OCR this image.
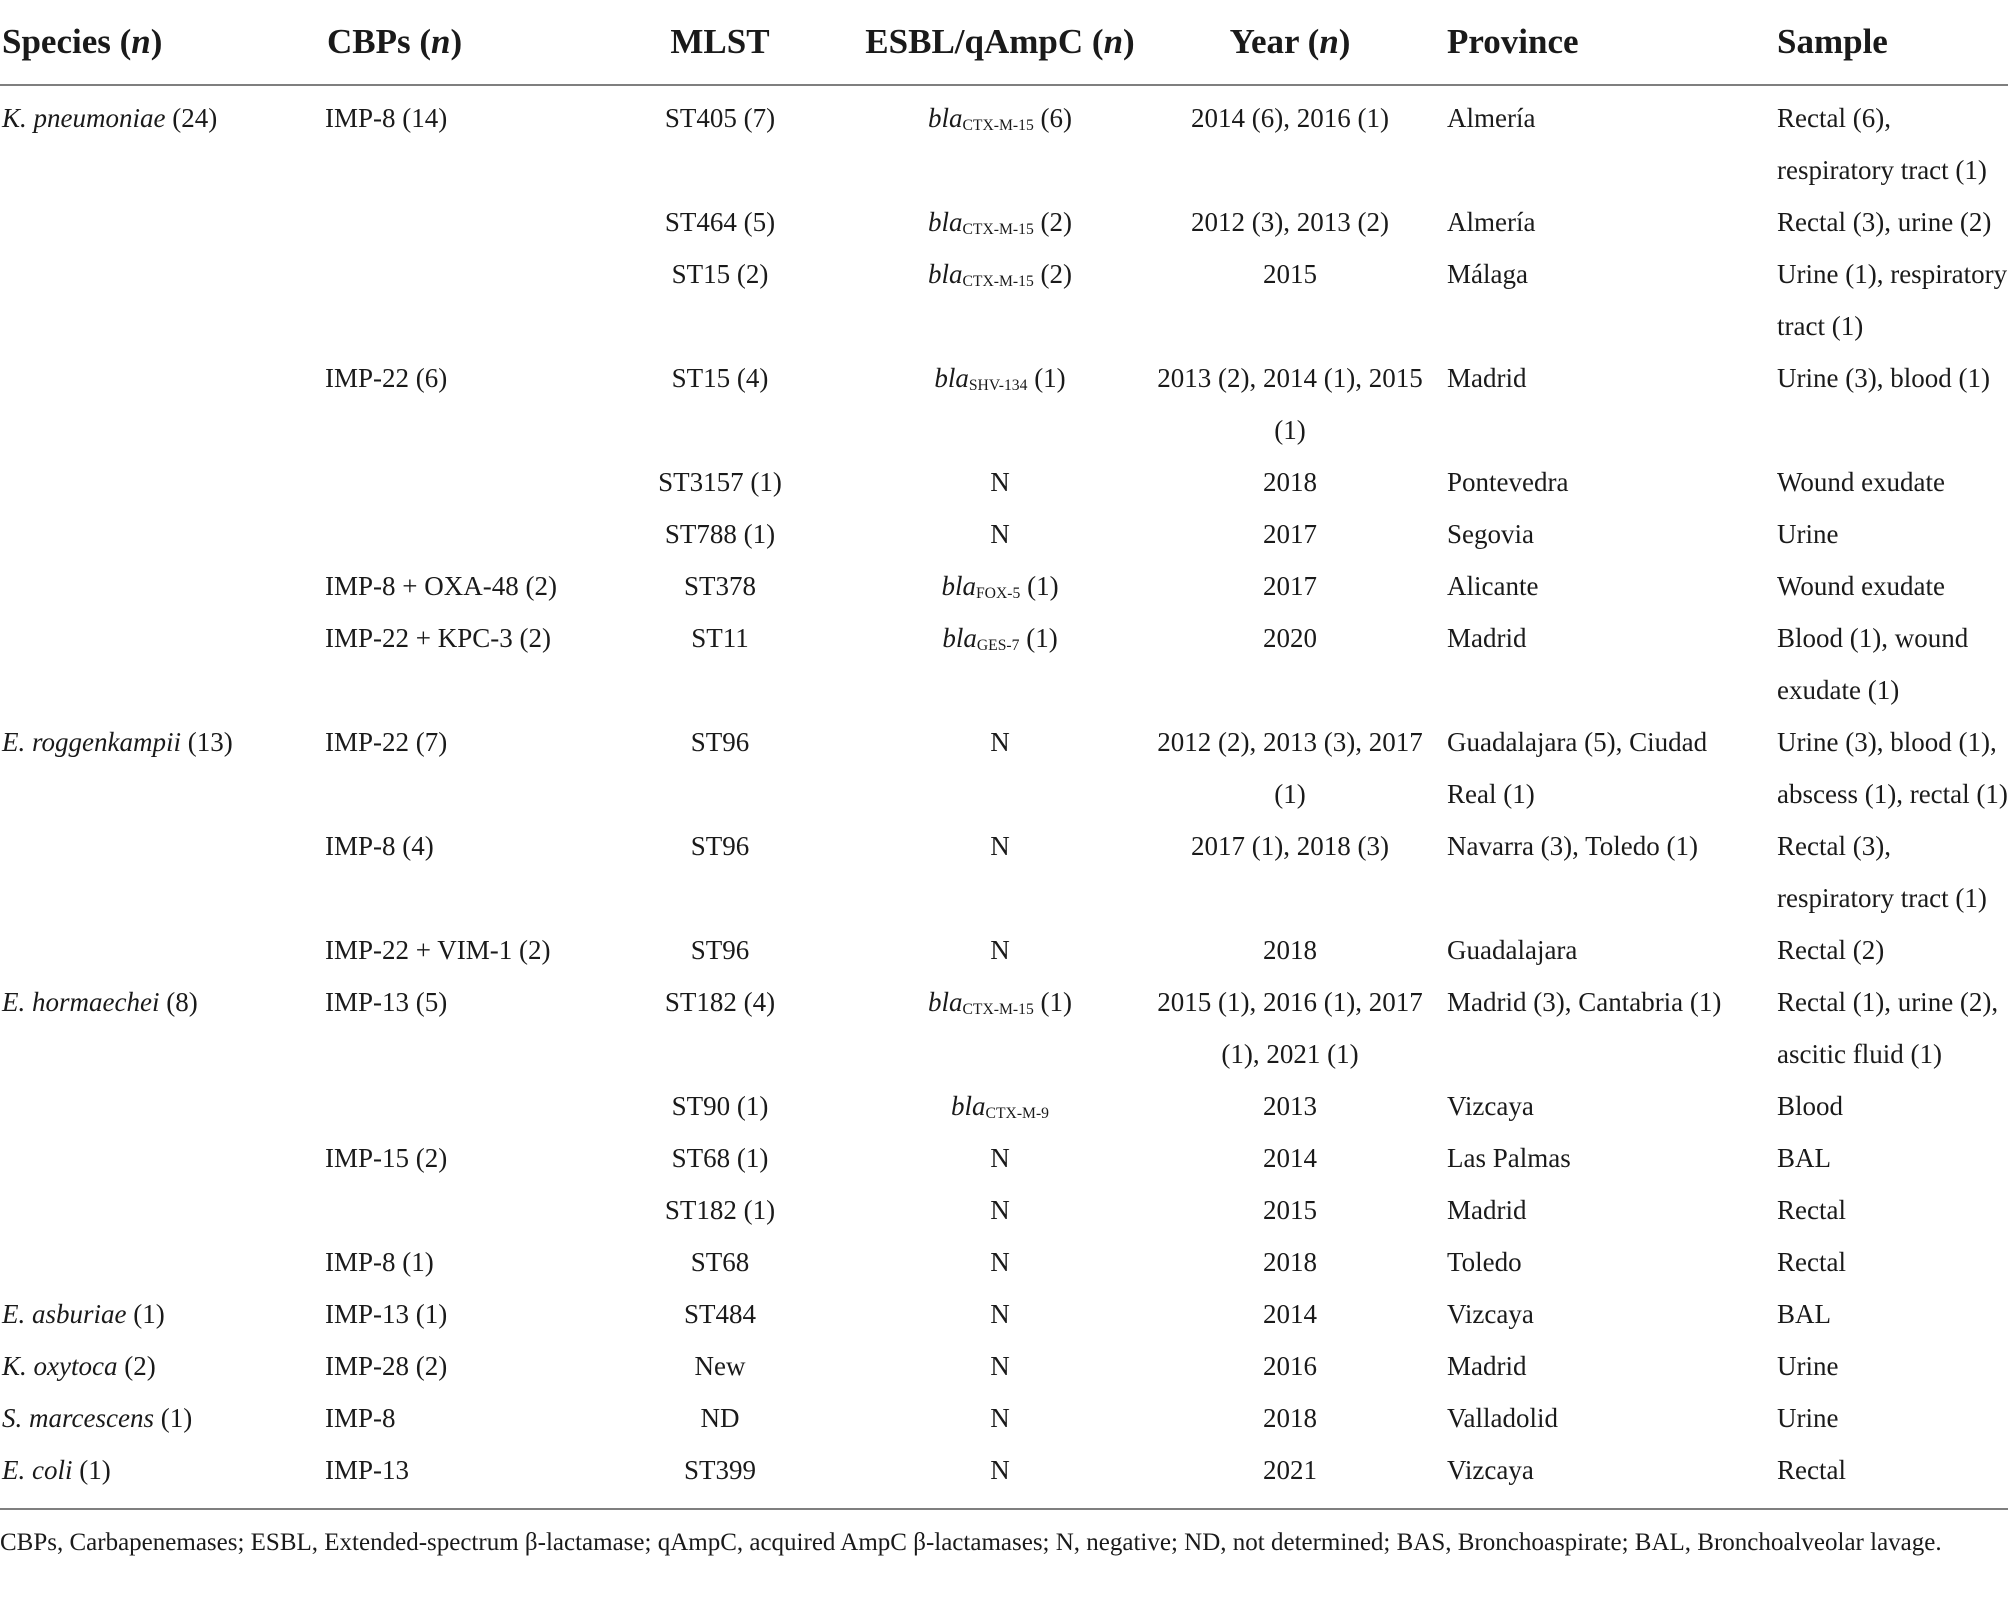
Species (n)	CBPs (n)	MLST	ESBL/qAmpC (n)	Year (n)	Province	Sample
K. pneumoniae (24)	IMP-8 (14)	ST405 (7)	bla$_{CTX-M-15}$ (6)	2014 (6), 2016 (1)	Almería	Rectal (6), respiratory tract (1)
		ST464 (5)	bla$_{CTX-M-15}$ (2)	2012 (3), 2013 (2)	Almería	Rectal (3), urine (2)
		ST15 (2)	bla$_{CTX-M-15}$ (2)	2015	Málaga	Urine (1), respiratory tract (1)
	IMP-22 (6)	ST15 (4)	bla$_{SHV-134}$ (1)	2013 (2), 2014 (1), 2015 (1)	Madrid	Urine (3), blood (1)
		ST3157 (1)	N	2018	Pontevedra	Wound exudate
		ST788 (1)	N	2017	Segovia	Urine
	IMP-8 + OXA-48 (2)	ST378	bla$_{FOX-5}$ (1)	2017	Alicante	Wound exudate
	IMP-22 + KPC-3 (2)	ST11	bla$_{GES-7}$ (1)	2020	Madrid	Blood (1), wound exudate (1)
E. roggenkampii (13)	IMP-22 (7)	ST96	N	2012 (2), 2013 (3), 2017 (1)	Guadalajara (5), Ciudad Real (1)	Urine (3), blood (1), abscess (1), rectal (1)
	IMP-8 (4)	ST96	N	2017 (1), 2018 (3)	Navarra (3), Toledo (1)	Rectal (3), respiratory tract (1)
	IMP-22 + VIM-1 (2)	ST96	N	2018	Guadalajara	Rectal (2)
E. hormaechei (8)	IMP-13 (5)	ST182 (4)	bla$_{CTX-M-15}$ (1)	2015 (1), 2016 (1), 2017 (1), 2021 (1)	Madrid (3), Cantabria (1)	Rectal (1), urine (2), ascitic fluid (1)
		ST90 (1)	bla$_{CTX-M-9}$	2013	Vizcaya	Blood
	IMP-15 (2)	ST68 (1)	N	2014	Las Palmas	BAL
		ST182 (1)	N	2015	Madrid	Rectal
	IMP-8 (1)	ST68	N	2018	Toledo	Rectal
E. asburiae (1)	IMP-13 (1)	ST484	N	2014	Vizcaya	BAL
K. oxytoca (2)	IMP-28 (2)	New	N	2016	Madrid	Urine
S. marcescens (1)	IMP-8	ND	N	2018	Valladolid	Urine
E. coli (1)	IMP-13	ST399	N	2021	Vizcaya	Rectal
CBPs, Carbapenemases; ESBL, Extended-spectrum β-lactamase; qAmpC, acquired AmpC β-lactamases; N, negative; ND, not determined; BAS, Bronchoaspirate; BAL, Bronchoalveolar lavage.
